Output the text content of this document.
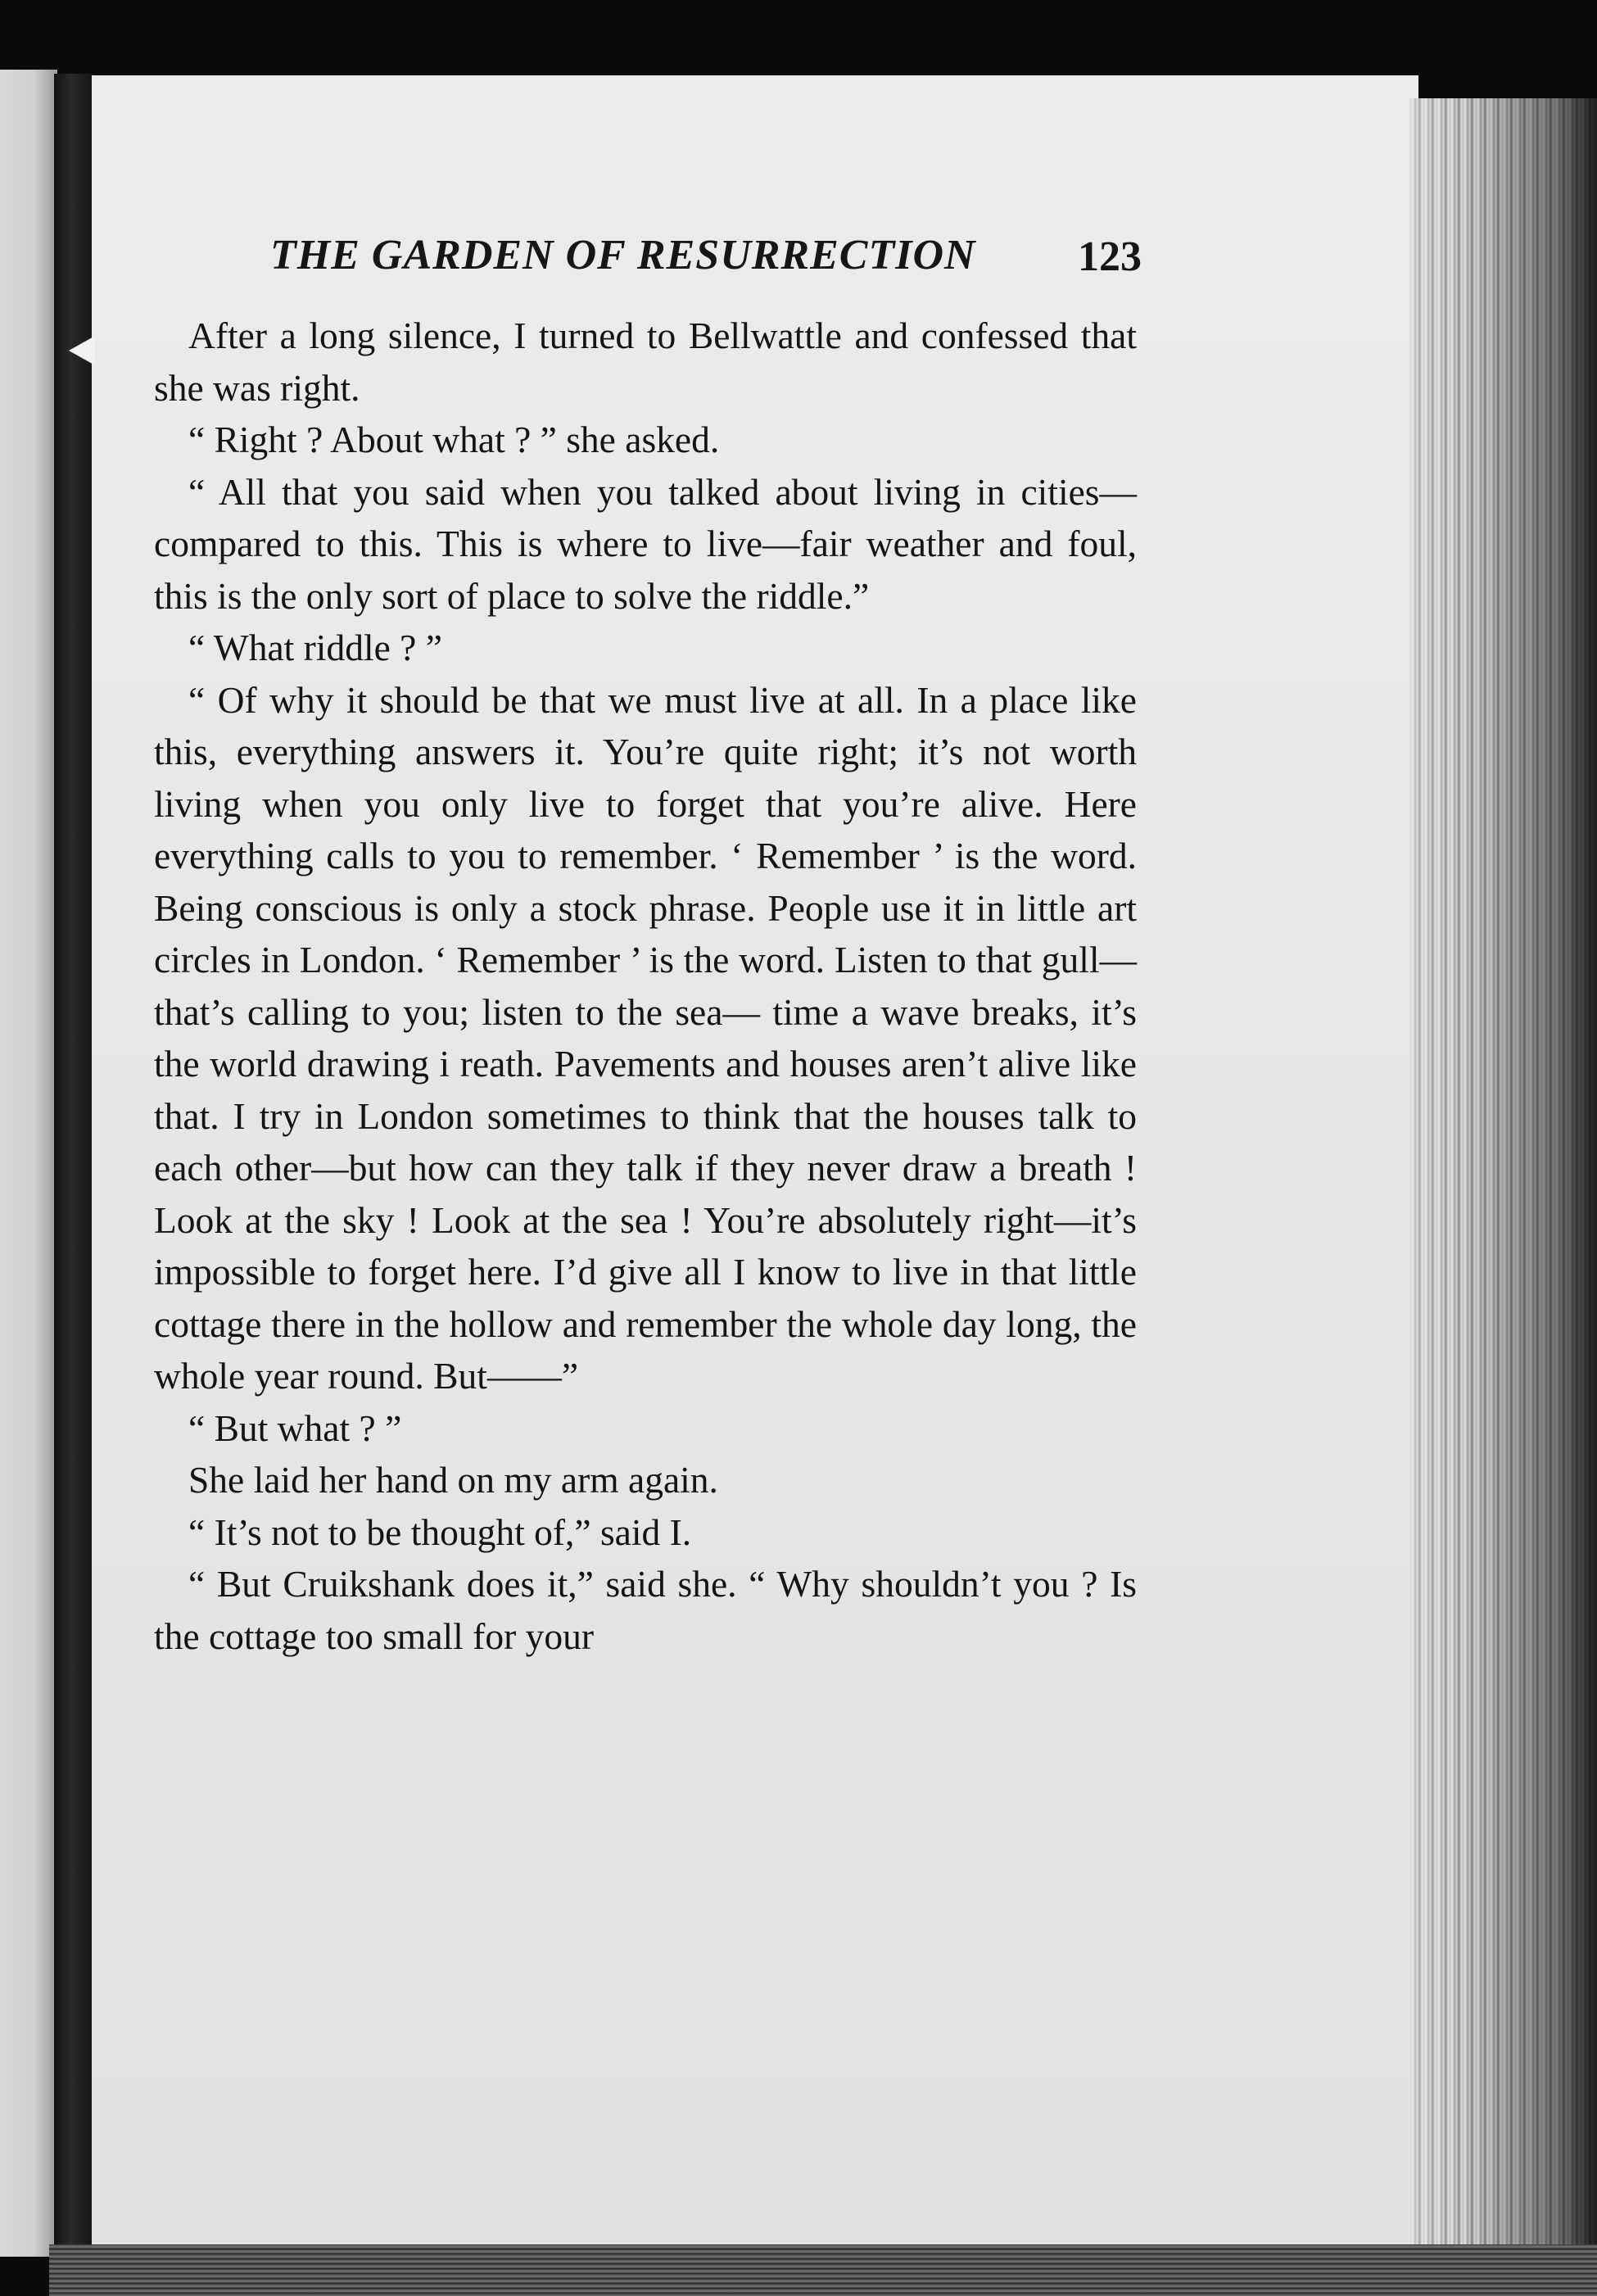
THE GARDEN OF RESURRECTION	123

After a long silence, I turned to Bellwattle and confessed that she was right.

“ Right ? About what ? ” she asked.

“ All that you said when you talked about living in cities—compared to this. This is where to live—fair weather and foul, this is the only sort of place to solve the riddle.”

“ What riddle ? ”

“ Of why it should be that we must live at all. In a place like this, everything answers it. You’re quite right; it’s not worth living when you only live to forget that you’re alive. Here everything calls to you to remember. ‘ Remember ’ is the word. Being conscious is only a stock phrase. People use it in little art circles in London. ‘ Remember ’ is the word. Listen to that gull—that’s calling to you; listen to the sea— time a wave breaks, it’s the world drawing i reath. Pavements and houses aren’t alive like that. I try in London sometimes to think that the houses talk to each other—but how can they talk if they never draw a breath ! Look at the sky ! Look at the sea ! You’re absolutely right—it’s impossible to forget here. I’d give all I know to live in that little cottage there in the hollow and remember the whole day long, the whole year round. But——”

“ But what ? ”

She laid her hand on my arm again.

“ It’s not to be thought of,” said I.

“ But Cruikshank does it,” said she. “ Why shouldn’t you ? Is the cottage too small for your
